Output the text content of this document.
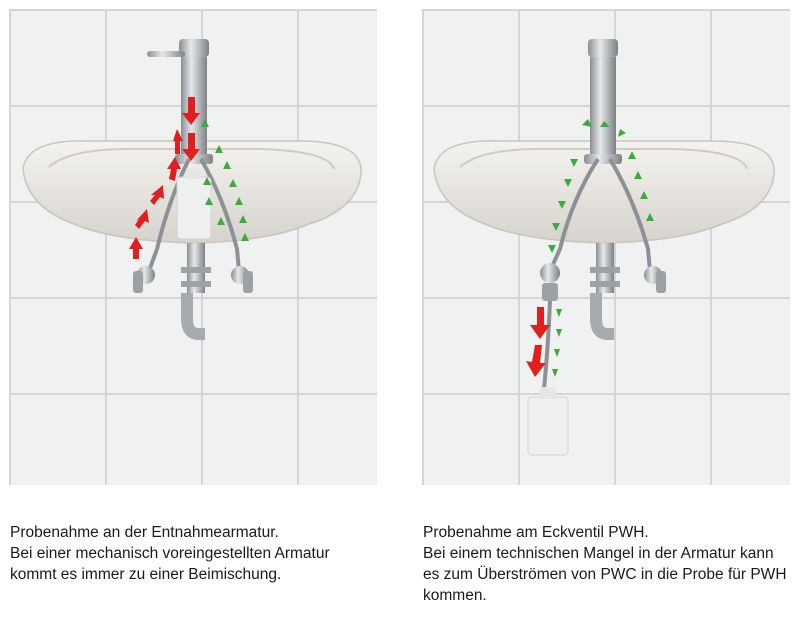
Probenahme an der Entnahmearmatur.
Bei einer mechanisch voreingestellten Armatur
kommt es immer zu einer Beimischung.
Probenahme am Eckventil PWH.
Bei einem technischen Mangel in der Armatur kann
es zum Überströmen von PWC in die Probe für PWH
kommen.
